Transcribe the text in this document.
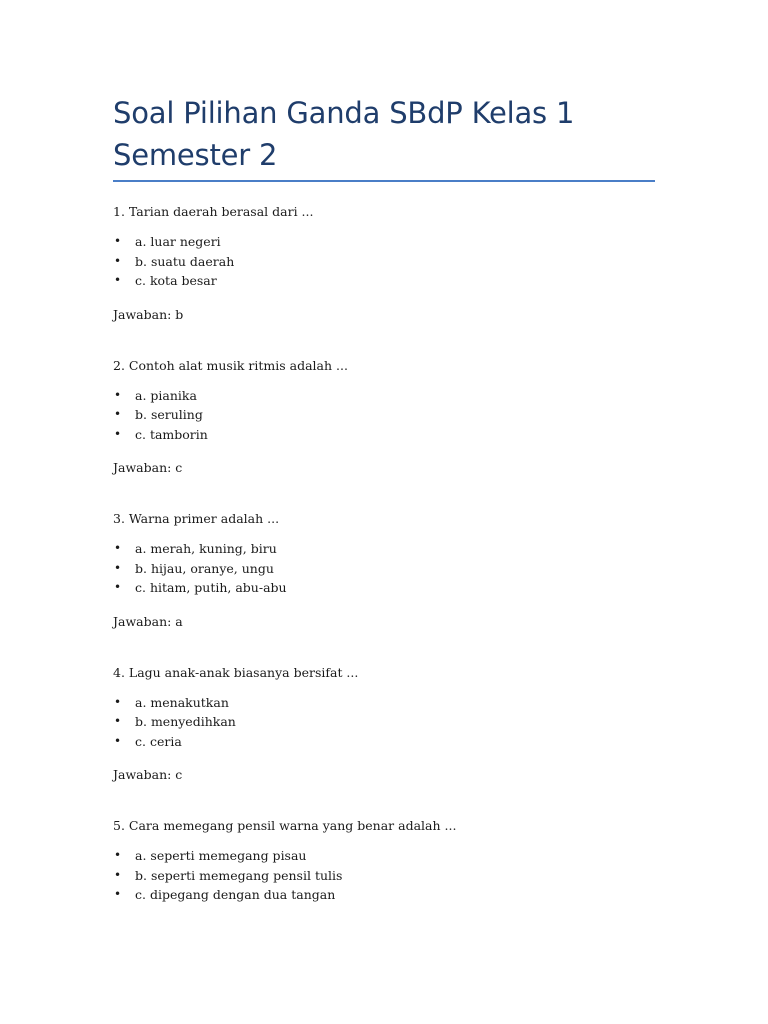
Soal Pilihan Ganda SBdP Kelas 1
Semester 2

1. Tarian daerah berasal dari ...

• a. luar negeri
• b. suatu daerah
• c. kota besar
Jawaban: b

2. Contoh alat musik ritmis adalah ...

• a. pianika
• b. seruling
• c. tamborin
Jawaban: c

3. Warna primer adalah ...

• a. merah, kuning, biru
• b. hijau, oranye, ungu
• c. hitam, putih, abu-abu
Jawaban: a

4. Lagu anak-anak biasanya bersifat ...

• a. menakutkan
• b. menyedihkan
• c. ceria
Jawaban: c

5. Cara memegang pensil warna yang benar adalah ...

• a. seperti memegang pisau
• b. seperti memegang pensil tulis
• c. dipegang dengan dua tangan
